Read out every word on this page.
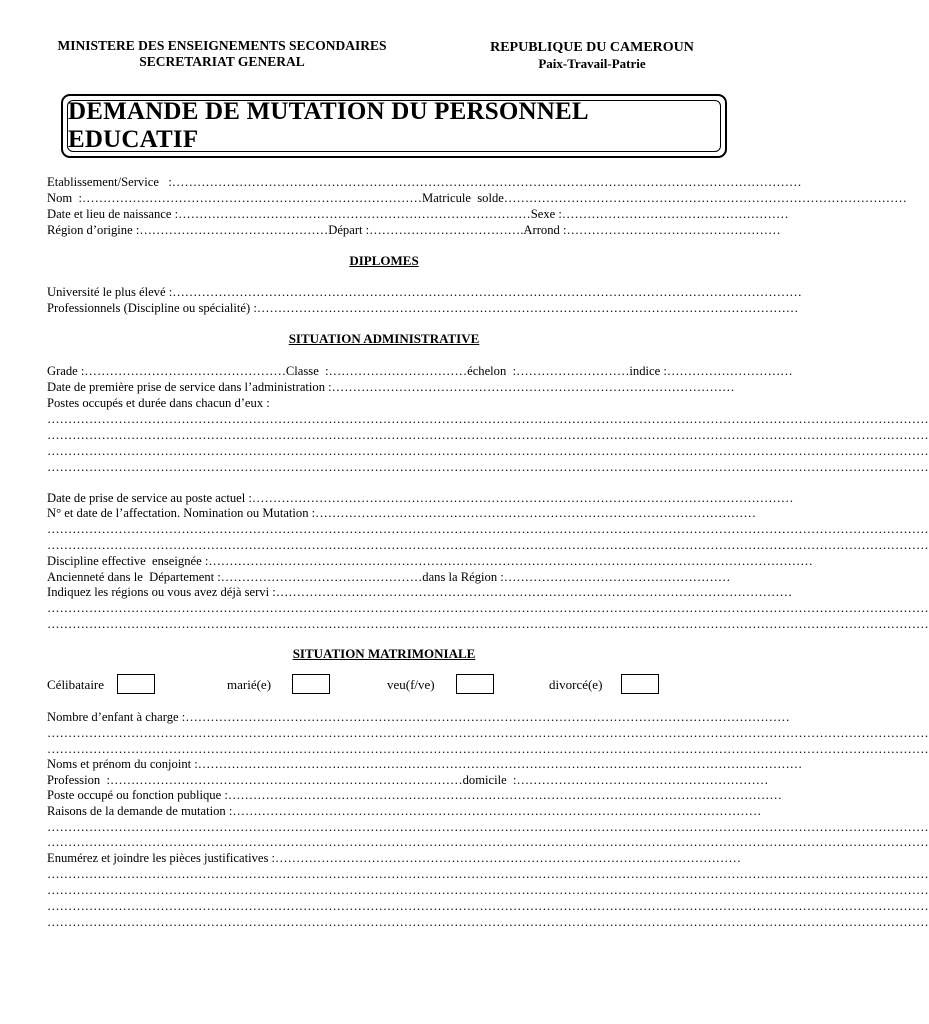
MINISTERE DES ENSEIGNEMENTS SECONDAIRES
SECRETARIAT GENERAL
REPUBLIQUE DU CAMEROUN
Paix-Travail-Patrie
DEMANDE DE MUTATION DU PERSONNEL EDUCATIF
Etablissement/Service   :……………………………………………………………………………………………………………………………………
Nom  :………………………………………………………………………Matricule  solde……………………………………………………………………………………
Date et lieu de naissance :…………………………………………………………………………Sexe :………………………………………………
Région d’origine :………………………………………Départ :……………………………….Arrond :……………………………………………
DIPLOMES
Université le plus élevé :……………………………………………………………………………………………………………………………………
Professionnels (Discipline ou spécialité) :…………………………………………………………………………………………………………………
SITUATION ADMINISTRATIVE
Grade :…………………………………………Classe  :……………………………échelon  :………………………indice :…………………………
Date de première prise de service dans l’administration :……………………………………………………………………………………
Postes occupés et durée dans chacun d’eux :
…………………………………………………………………………………………………………………………………………………………………………………………
…………………………………………………………………………………………………………………………………………………………………………………………
…………………………………………………………………………………………………………………………………………………………………………………………
…………………………………………………………………………………………………………………………………………………………………………………………
Date de prise de service au poste actuel :…………………………………………………………………………………………………………………
N° et date de l’affectation. Nomination ou Mutation :……………………………………………………………………………………………
…………………………………………………………………………………………………………………………………………………………………………………………
…………………………………………………………………………………………………………………………………………………………………………………………
Discipline effective  enseignée :………………………………………………………………………………………………………………………………
Ancienneté dans le  Département :…………………………………………dans la Région :………………………………………………
Indiquez les régions ou vous avez déjà servi :……………………………………………………………………………………………………………
…………………………………………………………………………………………………………………………………………………………………………………………
…………………………………………………………………………………………………………………………………………………………………………………………
SITUATION MATRIMONIALE
Célibataire	marié(e)	veu(f/ve)	divorcé(e)
Nombre d’enfant à charge :………………………………………………………………………………………………………………………………
…………………………………………………………………………………………………………………………………………………………………………………………
…………………………………………………………………………………………………………………………………………………………………………………………
Noms et prénom du conjoint :………………………………………………………………………………………………………………………………
Profession  :…………………………………………………………………………domicile  :……………………………………………………
Poste occupé ou fonction publique :……………………………………………………………………………………………………………………
Raisons de la demande de mutation :………………………………………………………………………………………………………………
…………………………………………………………………………………………………………………………………………………………………………………………
…………………………………………………………………………………………………………………………………………………………………………………………
Enumérez et joindre les pièces justificatives :…………………………………………………………………………………………………
…………………………………………………………………………………………………………………………………………………………………………………………
…………………………………………………………………………………………………………………………………………………………………………………………
…………………………………………………………………………………………………………………………………………………………………………………………
…………………………………………………………………………………………………………………………………………………………………………………………
